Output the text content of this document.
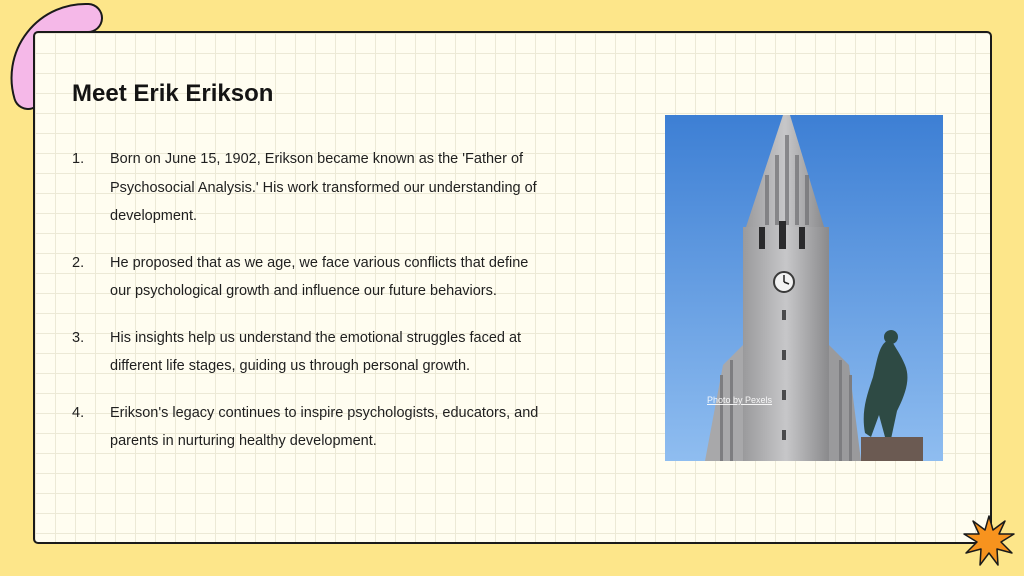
Meet Erik Erikson
1.	Born on June 15, 1902, Erikson became known as the 'Father of Psychosocial Analysis.' His work transformed our understanding of development.
2.	He proposed that as we age, we face various conflicts that define our psychological growth and influence our future behaviors.
3.	His insights help us understand the emotional struggles faced at different life stages, guiding us through personal growth.
4.	Erikson's legacy continues to inspire psychologists, educators, and parents in nurturing healthy development.
Photo by Pexels
